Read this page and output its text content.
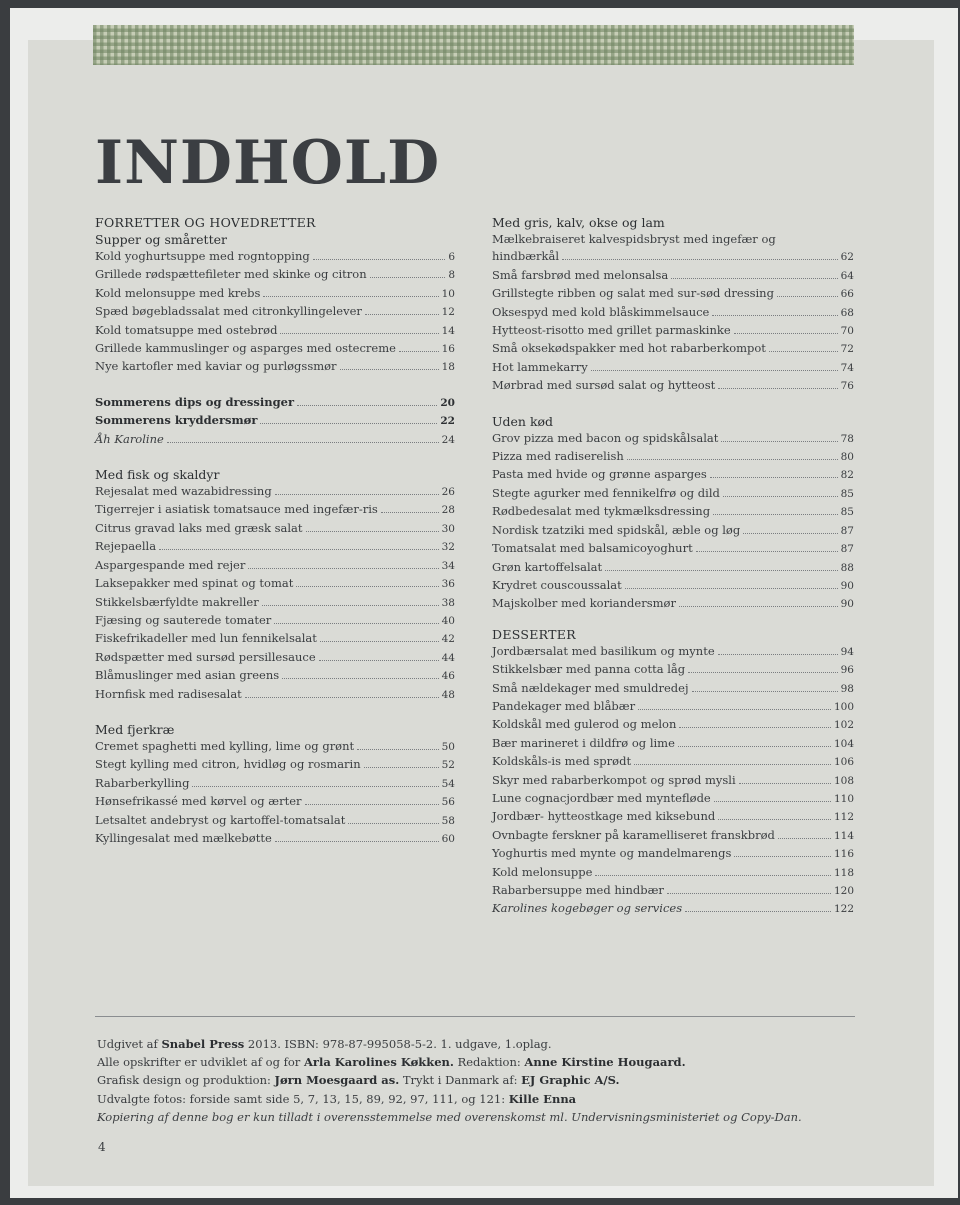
INDHOLD
FORRETTER OG HOVEDRETTER
Supper og småretter
Kold yoghurtsuppe med rogntopping	6
Grillede rødspættefileter med skinke og citron	8
Kold melonsuppe med krebs	10
Spæd bøgebladssalat med citronkyllingelever	12
Kold tomatsuppe med ostebrød	14
Grillede kammuslinger og asparges med ostecreme	16
Nye kartofler med kaviar og purløgssmør	18
Sommerens dips og dressinger	20
Sommerens kryddersmør	22
Åh Karoline	24
Med fisk og skaldyr
Rejesalat med wazabidressing	26
Tigerrejer i asiatisk tomatsauce med ingefær-ris	28
Citrus gravad laks med græsk salat	30
Rejepaella	32
Aspargespande med rejer	34
Laksepakker med spinat og tomat	36
Stikkelsbærfyldte makreller	38
Fjæsing og sauterede tomater	40
Fiskefrikadeller med lun fennikelsalat	42
Rødspætter med sursød persillesauce	44
Blåmuslinger med asian greens	46
Hornfisk med radisesalat	48
Med fjerkræ
Cremet spaghetti med kylling, lime og grønt	50
Stegt kylling med citron, hvidløg og rosmarin	52
Rabarberkylling	54
Hønsefrikassé med kørvel og ærter	56
Letsaltet andebryst og kartoffel-tomatsalat	58
Kyllingesalat med mælkebøtte	60
Med gris, kalv, okse og lam
Mælkebraiseret kalvespidsbryst med ingefær og
hindbærkål	62
Små farsbrød med melonsalsa	64
Grillstegte ribben og salat med sur-sød dressing	66
Oksespyd med kold blåskimmelsauce	68
Hytteost-risotto med grillet parmaskinke	70
Små oksekødspakker med hot rabarberkompot	72
Hot lammekarry	74
Mørbrad med sursød salat og hytteost	76
Uden kød
Grov pizza med bacon og spidskålsalat	78
Pizza med radiserelish	80
Pasta med hvide og grønne asparges	82
Stegte agurker med fennikelfrø og dild	85
Rødbedesalat med tykmælksdressing	85
Nordisk tzatziki med spidskål, æble og løg	87
Tomatsalat med balsamicoyoghurt	87
Grøn kartoffelsalat	88
Krydret couscoussalat	90
Majskolber med koriandersmør	90
DESSERTER
Jordbærsalat med basilikum og mynte	94
Stikkelsbær med panna cotta låg	96
Små nældekager med smuldredej	98
Pandekager med blåbær	100
Koldskål med gulerod og melon	102
Bær marineret i dildfrø og lime	104
Koldskåls-is med sprødt	106
Skyr med rabarberkompot og sprød mysli	108
Lune cognacjordbær med mynteflødе	110
Jordbær- hytteostkage med kiksebund	112
Ovnbagte ferskner på karamelliseret franskbrød	114
Yoghurtis med mynte og mandelmarengs	116
Kold melonsuppe	118
Rabarbersuppe med hindbær	120
Karolines kogebøger og services	122
Udgivet af Snabel Press 2013. ISBN: 978-87-995058-5-2. 1. udgave, 1.oplag.
Alle opskrifter er udviklet af og for Arla Karolines Køkken. Redaktion: Anne Kirstine Hougaard.
Grafisk design og produktion: Jørn Moesgaard as. Trykt i Danmark af: EJ Graphic A/S.
Udvalgte fotos: forside samt side 5, 7, 13, 15, 89, 92, 97, 111, og 121: Kille Enna
Kopiering af denne bog er kun tilladt i overensstemmelse med overenskomst ml. Undervisningsministeriet og Copy-Dan.
4
